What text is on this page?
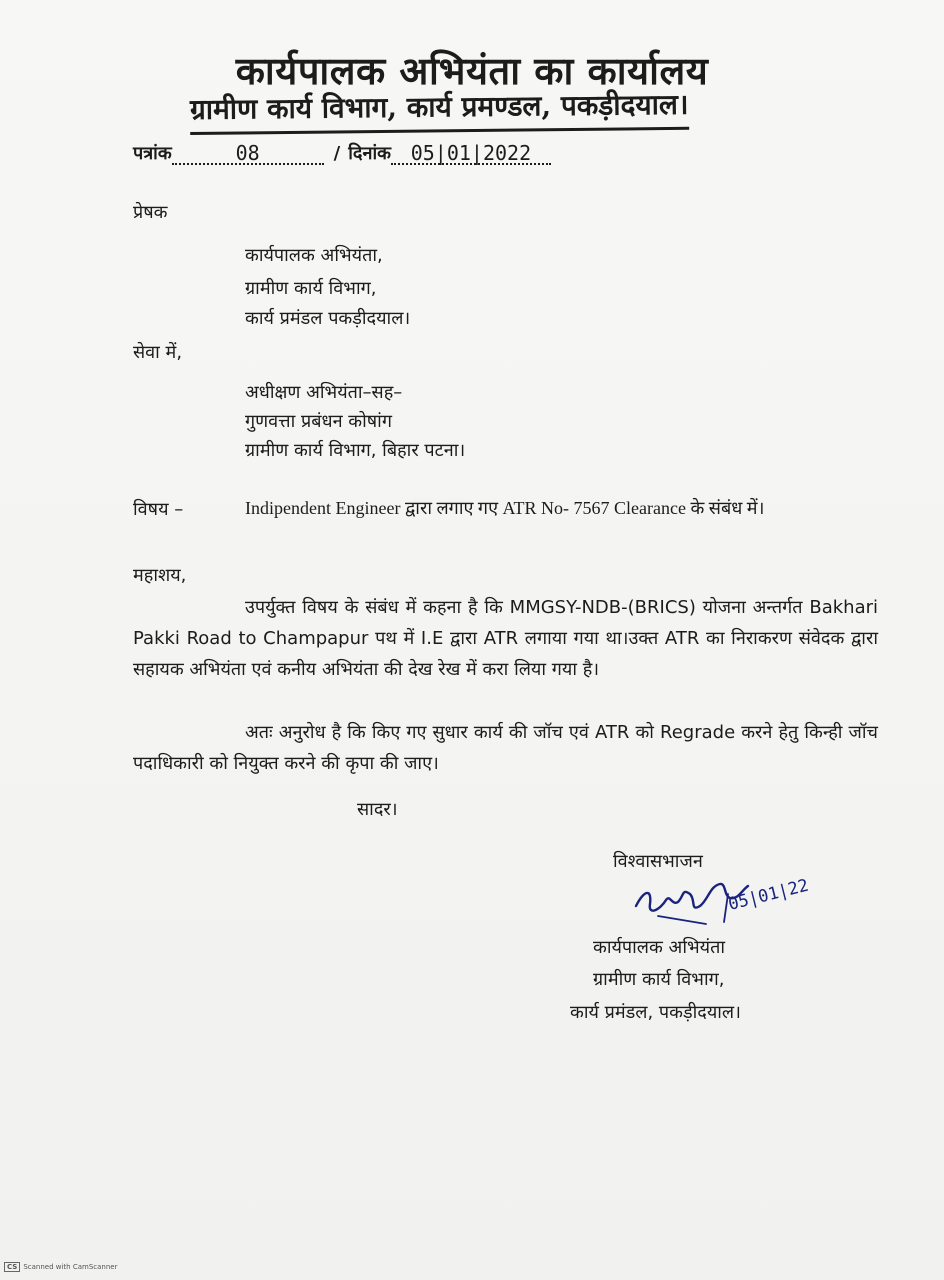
कार्यपालक अभियंता का कार्यालय
ग्रामीण कार्य विभाग, कार्य प्रमण्डल, पकड़ीदयाल।
पत्रांक	08	/ दिनांक 05|01|2022
प्रेषक
कार्यपालक अभियंता,
ग्रामीण कार्य विभाग,
कार्य प्रमंडल पकड़ीदयाल।
सेवा में,
अधीक्षण अभियंता–सह–
गुणवत्ता प्रबंधन कोषांग
ग्रामीण कार्य विभाग, बिहार पटना।
विषय –	Indipendent Engineer द्वारा लगाए गए ATR No- 7567 Clearance के संबंध में।
महाशय,
उपर्युक्त विषय के संबंध में कहना है कि MMGSY-NDB-(BRICS) योजना अन्तर्गत Bakhari Pakki Road to Champapur पथ में I.E द्वारा ATR लगाया गया था।उक्त ATR का निराकरण संवेदक द्वारा सहायक अभियंता एवं कनीय अभियंता की देख रेख में करा लिया गया है।
अतः अनुरोध है कि किए गए सुधार कार्य की जॉच एवं ATR को Regrade करने हेतु किन्ही जॉच पदाधिकारी को नियुक्त करने की कृपा की जाए।
सादर।
विश्वासभाजन
05|01|22
कार्यपालक अभियंता
ग्रामीण कार्य विभाग,
कार्य प्रमंडल, पकड़ीदयाल।
CS Scanned with CamScanner
